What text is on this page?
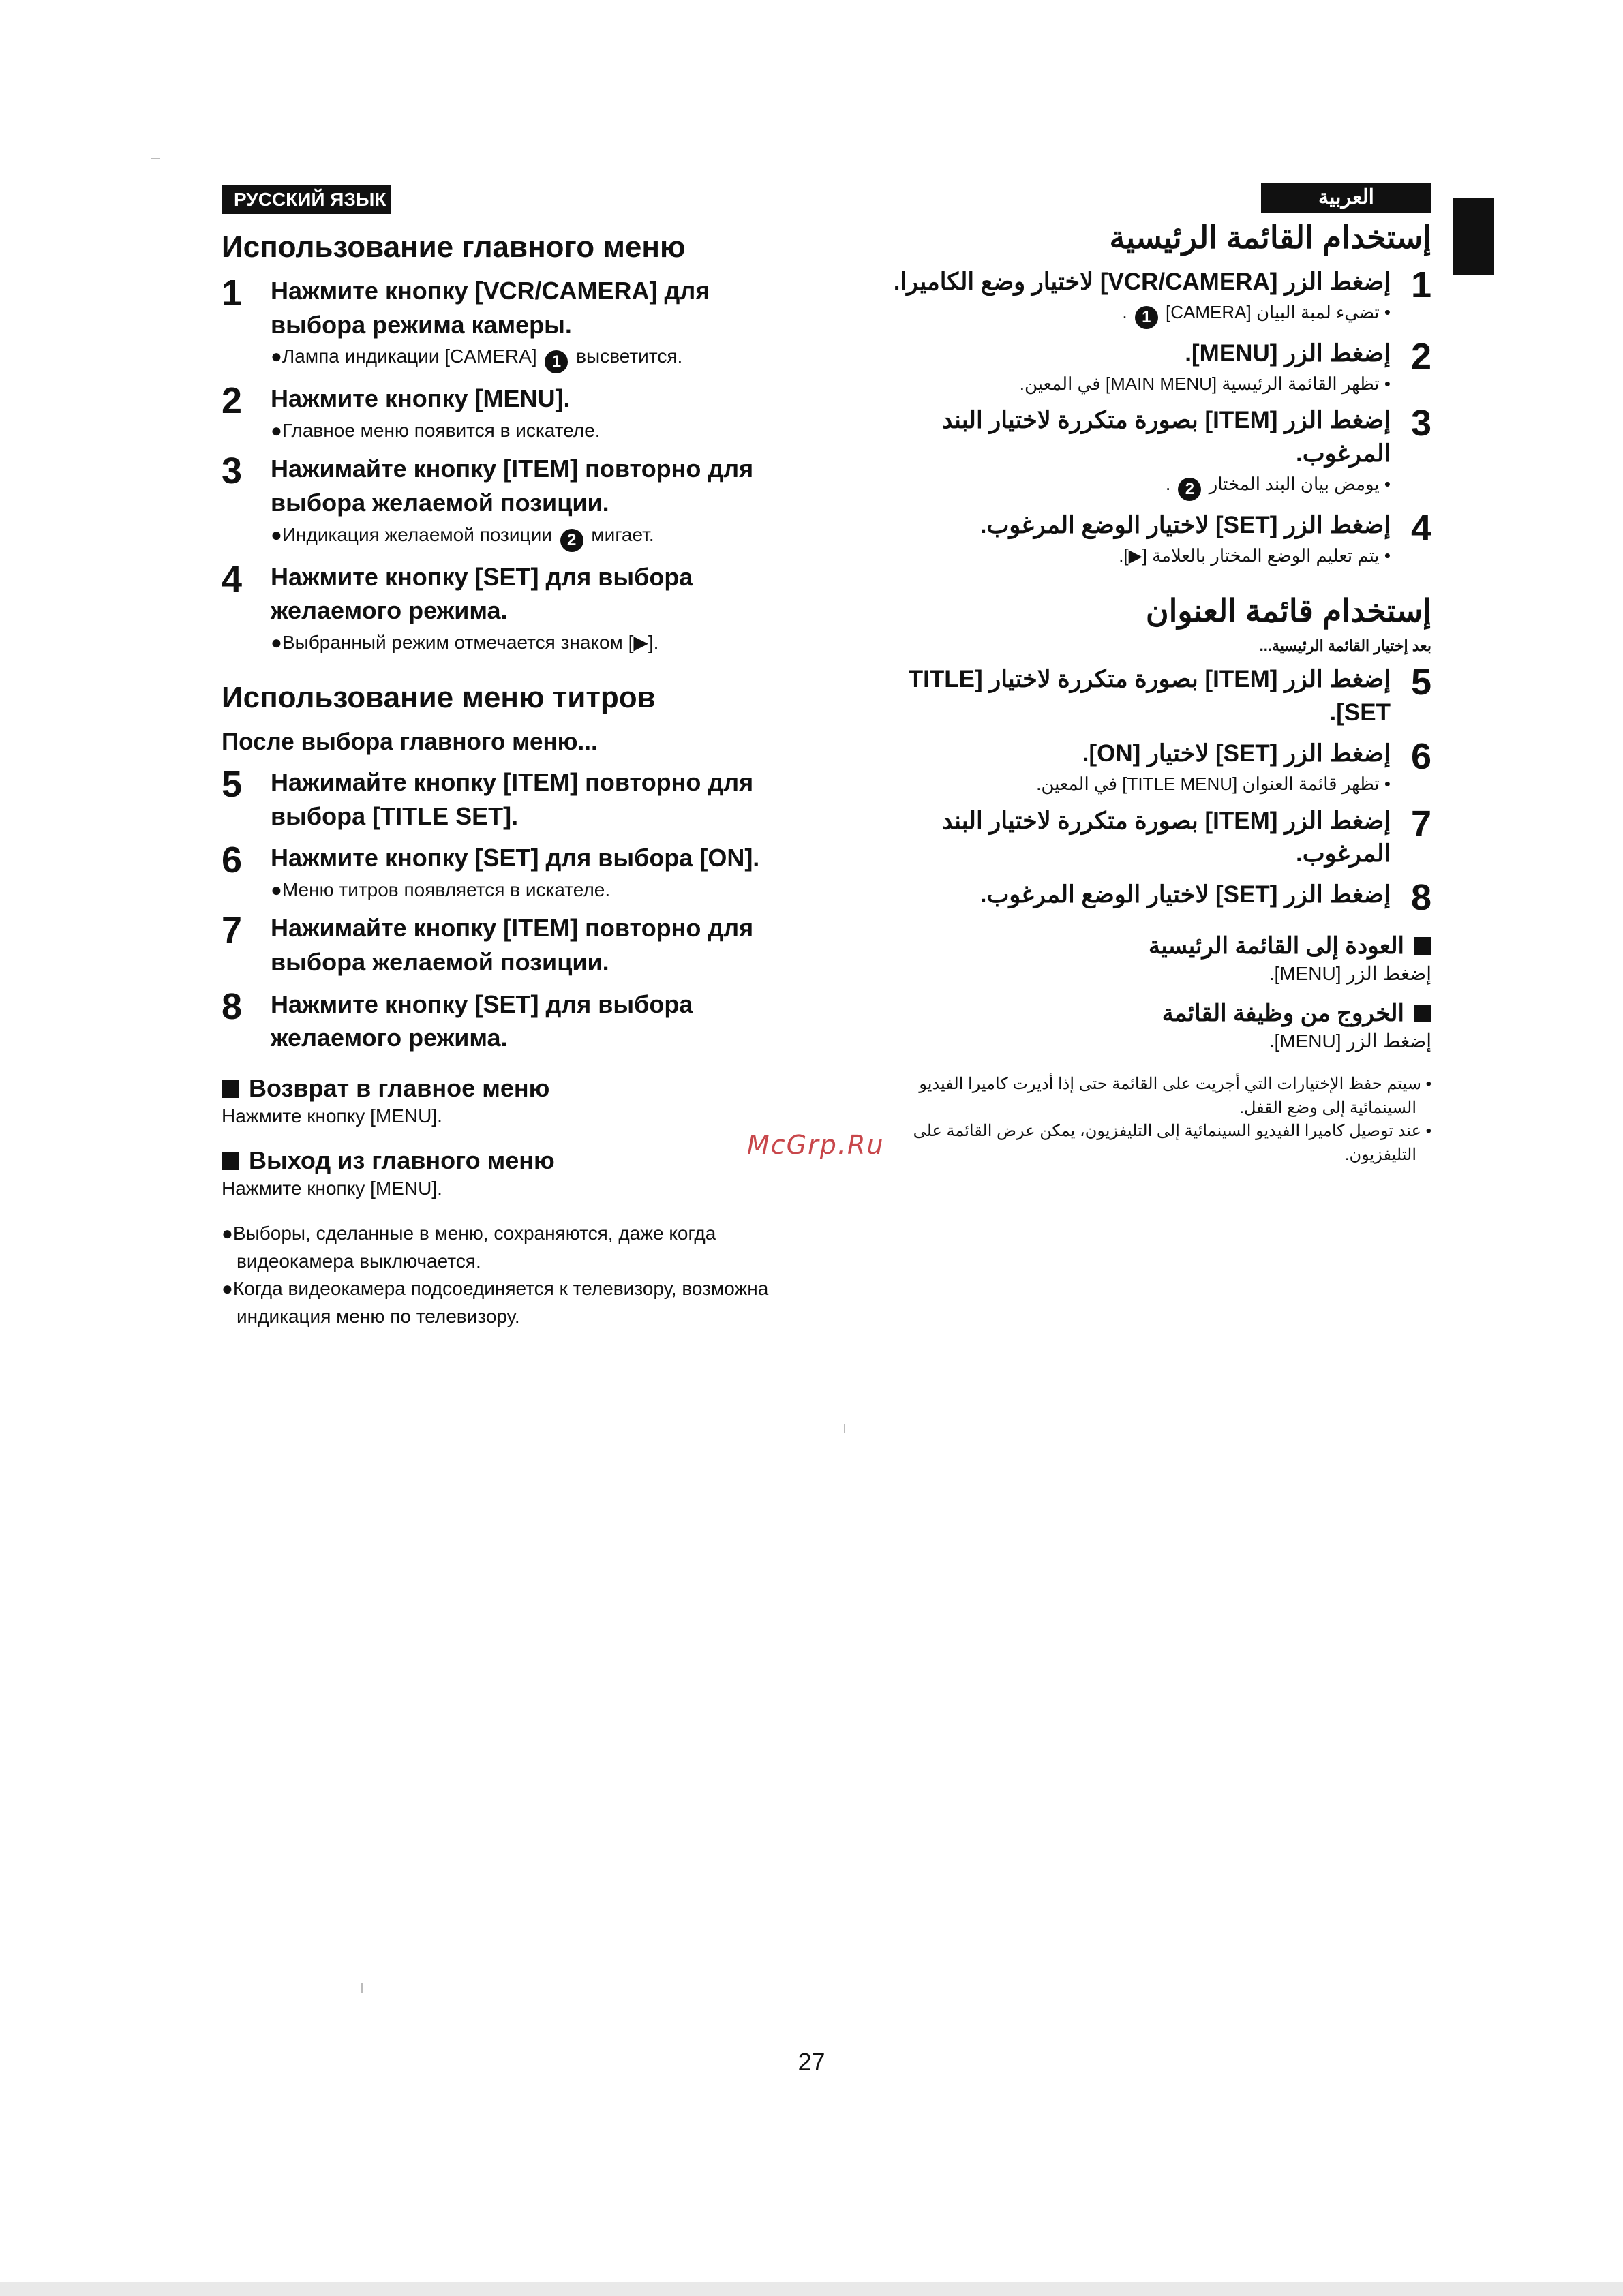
РУССКИЙ ЯЗЫК	العربية
Использование главного меню
1	Нажмите кнопку [VCR/CAMERA] для выбора режима камеры.
●Лампа индикации [CAMERA] 1 высветится.
2	Нажмите кнопку [MENU].
●Главное меню появится в искателе.
3	Нажимайте кнопку [ITEM] повторно для выбора желаемой позиции.
●Индикация желаемой позиции 2 мигает.
4	Нажмите кнопку [SET] для выбора желаемого режима.
●Выбранный режим отмечается знаком [▶].
Использование меню титров
После выбора главного меню...
5	Нажимайте кнопку [ITEM] повторно для выбора [TITLE SET].
6	Нажмите кнопку [SET] для выбора [ON].
●Меню титров появляется в искателе.
7	Нажимайте кнопку [ITEM] повторно для выбора желаемой позиции.
8	Нажмите кнопку [SET] для выбора желаемого режима.
Возврат в главное меню
Нажмите кнопку [MENU].
Выход из главного меню
Нажмите кнопку [MENU].
●Выборы, сделанные в меню, сохраняются, даже когда видеокамера выключается.
●Когда видеокамера подсоединяется к телевизору, возможна индикация меню по телевизору.
إستخدام القائمة الرئيسية
1
إضغط الزر [VCR/CAMERA] لاختيار وضع الكاميرا.
• تضيء لمبة البيان [CAMERA] 1 .
2
إضغط الزر [MENU].
• تظهر القائمة الرئيسية [MAIN MENU] في المعين.
3
إضغط الزر [ITEM] بصورة متكررة لاختيار البند المرغوب.
• يومض بيان البند المختار 2 .
4
إضغط الزر [SET] لاختيار الوضع المرغوب.
• يتم تعليم الوضع المختار بالعلامة [▶].
إستخدام قائمة العنوان
بعد إختيار القائمة الرئيسية...
5
إضغط الزر [ITEM] بصورة متكررة لاختيار [TITLE SET].
6
إضغط الزر [SET] لاختيار [ON].
• تظهر قائمة العنوان [TITLE MENU] في المعين.
7
إضغط الزر [ITEM] بصورة متكررة لاختيار البند المرغوب.
8
إضغط الزر [SET] لاختيار الوضع المرغوب.
العودة إلى القائمة الرئيسية
إضغط الزر [MENU].
الخروج من وظيفة القائمة
إضغط الزر [MENU].
• سيتم حفظ الإختيارات التي أجريت على القائمة حتى إذا أديرت كاميرا الفيديو السينمائية إلى وضع القفل.
• عند توصيل كاميرا الفيديو السينمائية إلى التليفزيون، يمكن عرض القائمة على التليفزيون.
McGrp.Ru
27
